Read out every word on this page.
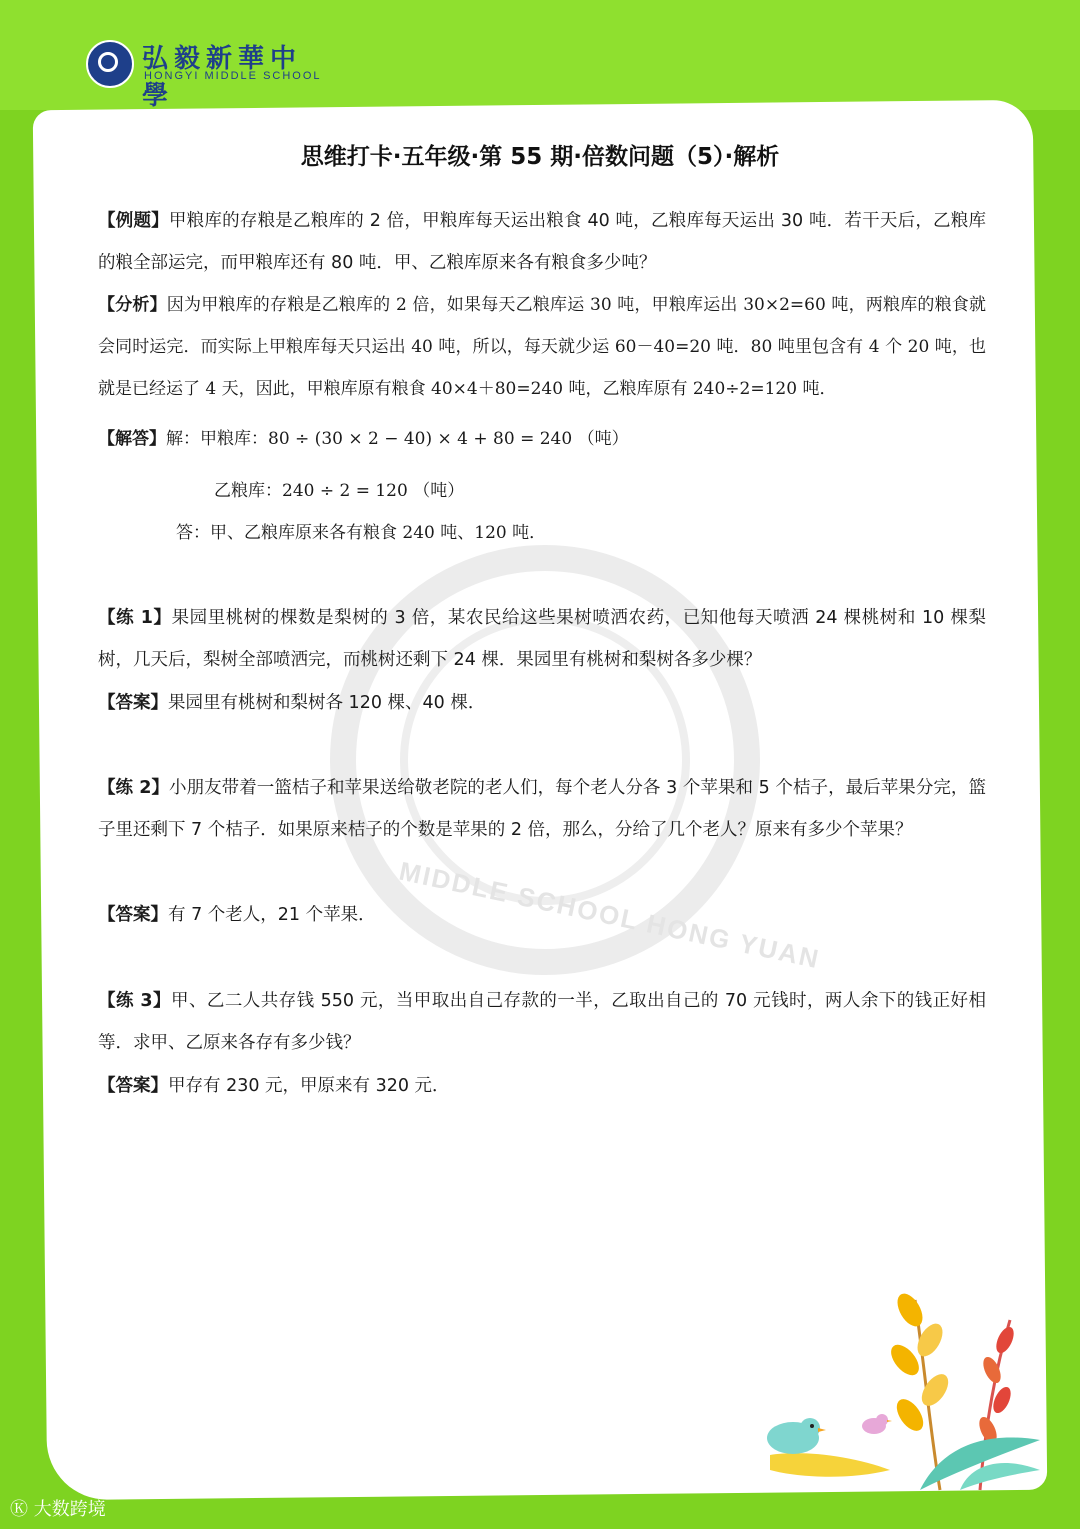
弘毅新華中學
HONGYI MIDDLE SCHOOL
MIDDLE SCHOOL HONG YUAN
思维打卡·五年级·第 55 期·倍数问题（5）·解析
【例题】甲粮库的存粮是乙粮库的 2 倍，甲粮库每天运出粮食 40 吨，乙粮库每天运出 30 吨．若干天后，乙粮库的粮全部运完，而甲粮库还有 80 吨．甲、乙粮库原来各有粮食多少吨？
【分析】因为甲粮库的存粮是乙粮库的 2 倍，如果每天乙粮库运 30 吨，甲粮库运出 30×2=60 吨，两粮库的粮食就会同时运完．而实际上甲粮库每天只运出 40 吨，所以，每天就少运 60－40=20 吨．80 吨里包含有 4 个 20 吨，也就是已经运了 4 天，因此，甲粮库原有粮食 40×4＋80=240 吨，乙粮库原有 240÷2=120 吨．
【解答】解：甲粮库：80 ÷ (30 × 2 − 40) × 4 + 80 = 240 （吨）
乙粮库：240 ÷ 2 = 120 （吨）
答：甲、乙粮库原来各有粮食 240 吨、120 吨．
【练 1】果园里桃树的棵数是梨树的 3 倍，某农民给这些果树喷洒农药，已知他每天喷洒 24 棵桃树和 10 棵梨树，几天后，梨树全部喷洒完，而桃树还剩下 24 棵．果园里有桃树和梨树各多少棵？
【答案】果园里有桃树和梨树各 120 棵、40 棵．
【练 2】小朋友带着一篮桔子和苹果送给敬老院的老人们，每个老人分各 3 个苹果和 5 个桔子，最后苹果分完，篮子里还剩下 7 个桔子．如果原来桔子的个数是苹果的 2 倍，那么，分给了几个老人？原来有多少个苹果？
【答案】有 7 个老人，21 个苹果．
【练 3】甲、乙二人共存钱 550 元，当甲取出自己存款的一半，乙取出自己的 70 元钱时，两人余下的钱正好相等．求甲、乙原来各存有多少钱？
【答案】甲存有 230 元，甲原来有 320 元．
Ⓚ 大数跨境
